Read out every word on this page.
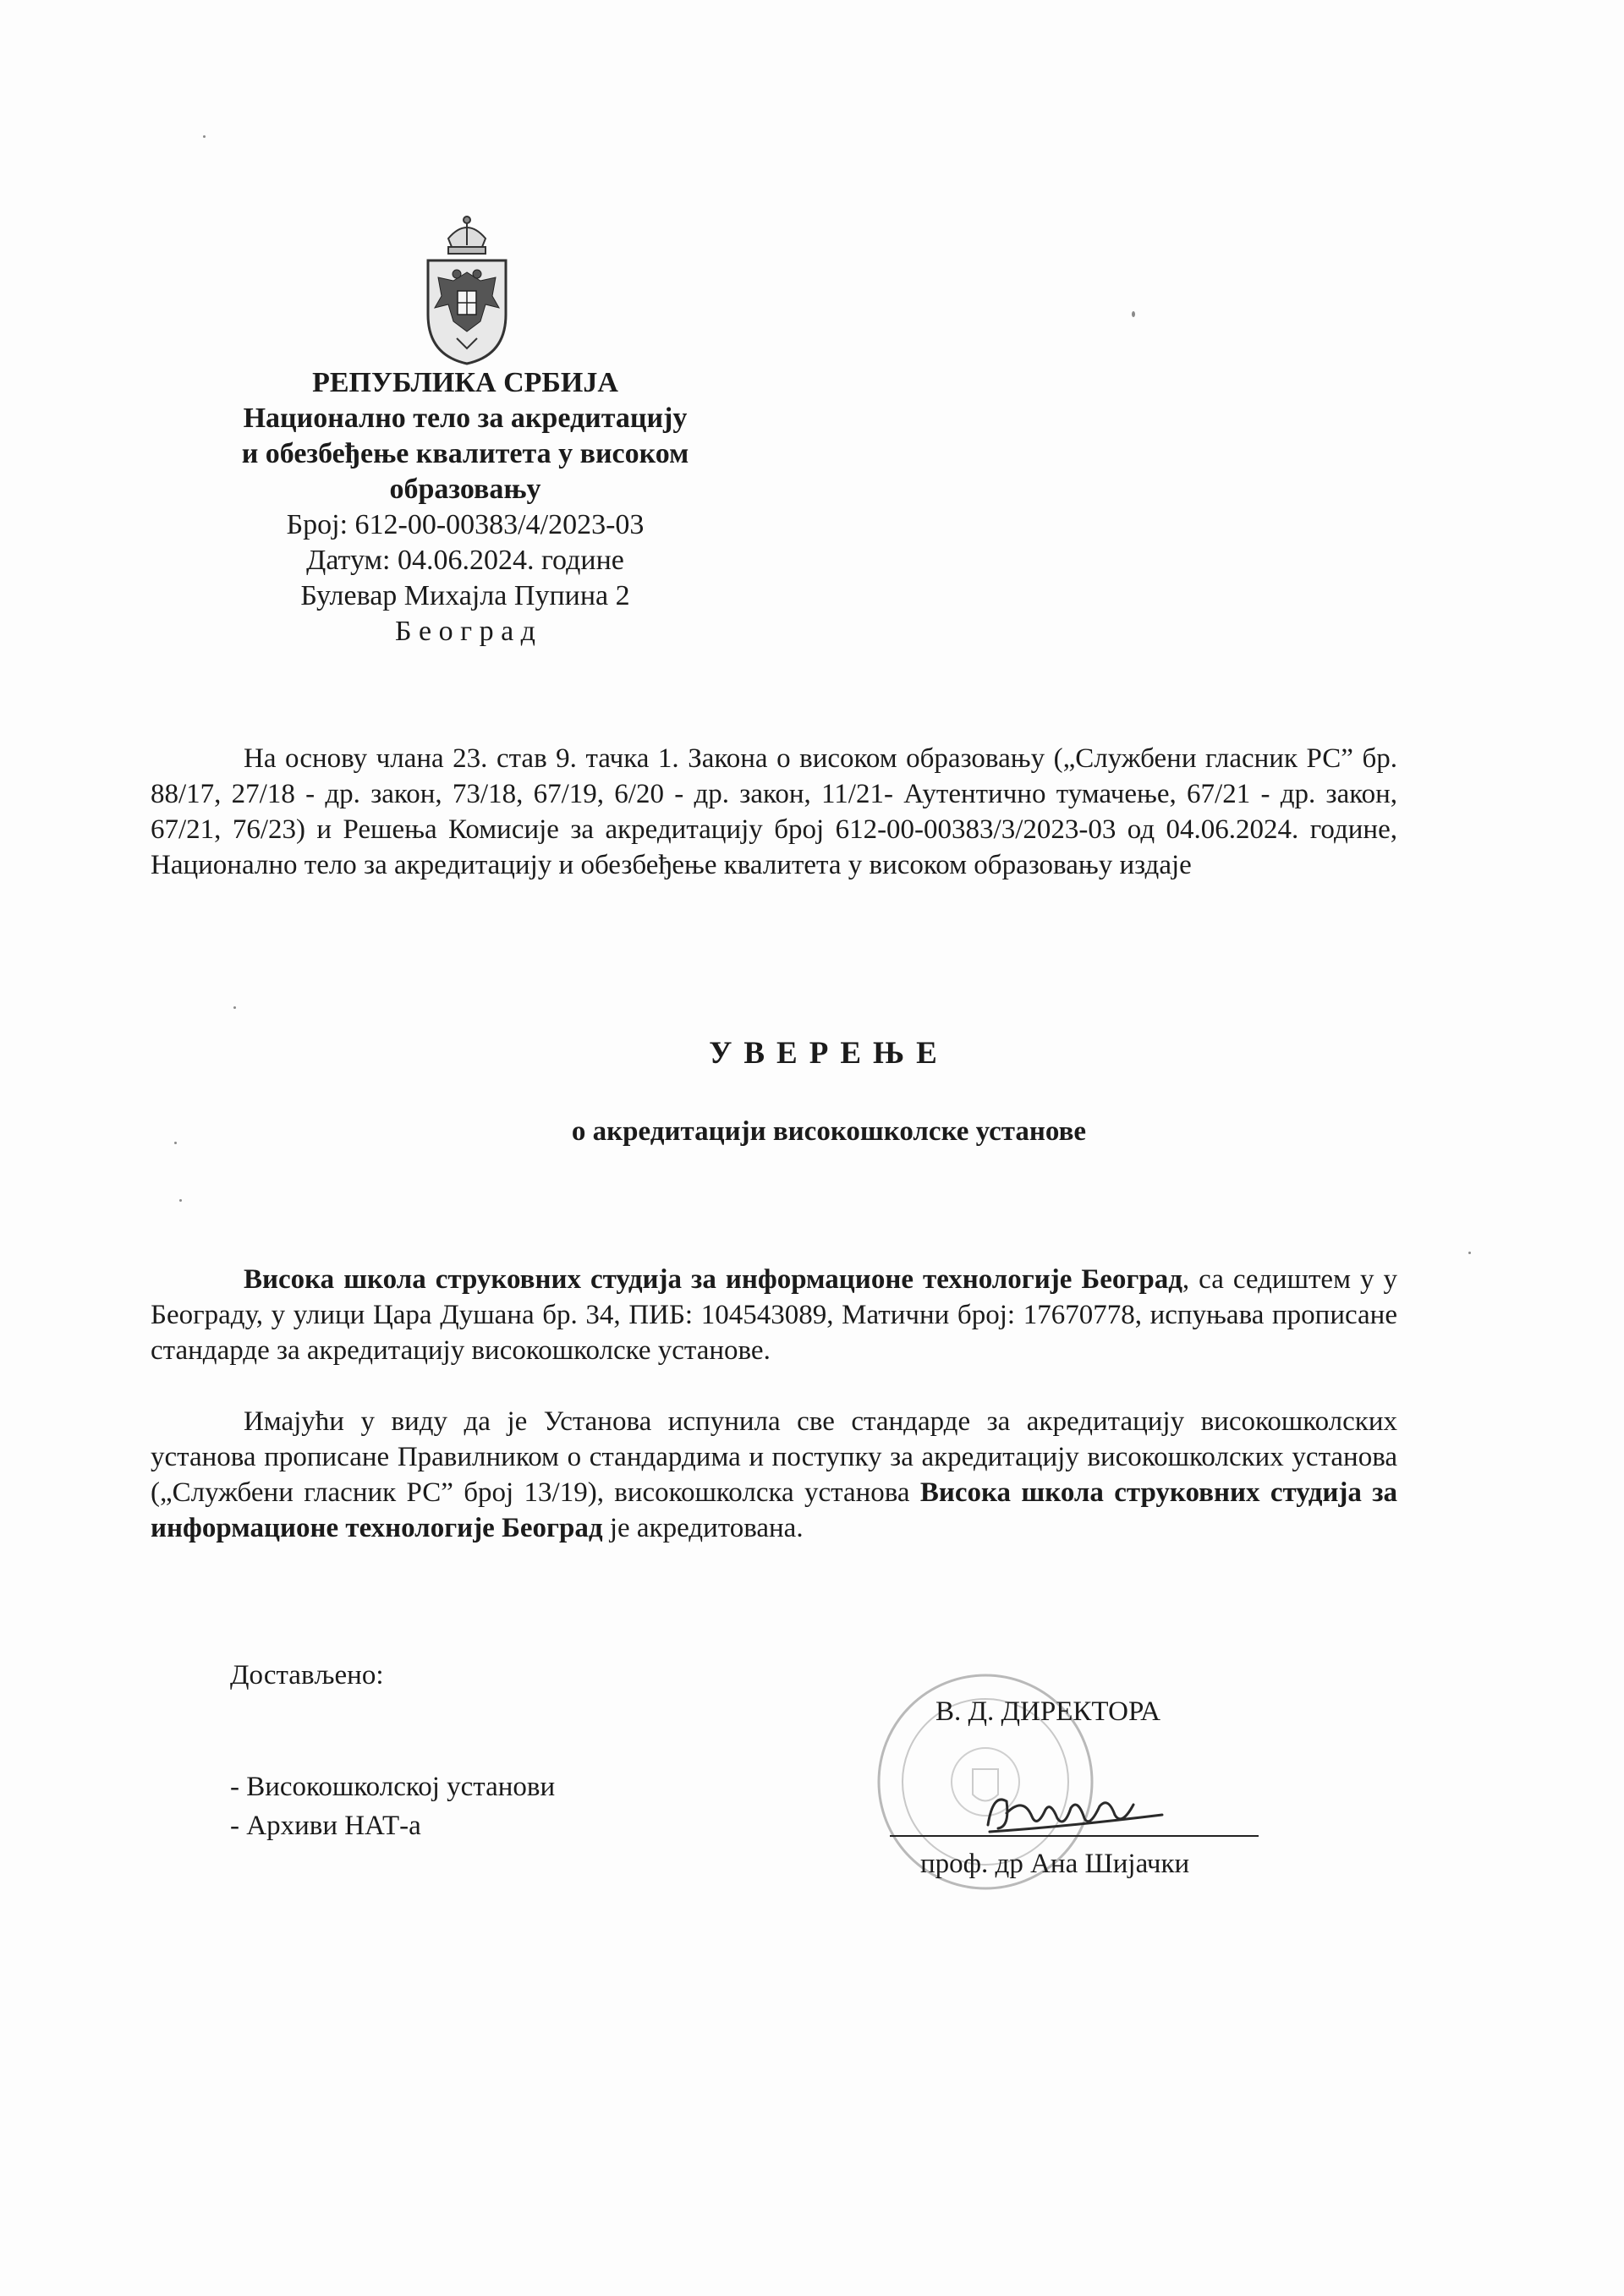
РЕПУБЛИКА СРБИЈА
Национално тело за акредитацију
и обезбеђење квалитета у високом
образовању
Број: 612-00-00383/4/2023-03
Датум: 04.06.2024. године
Булевар Михајла Пупина 2
Б е о г р а д
На основу члана 23. став 9. тачка 1. Закона о високом образовању („Службени гласник РС” бр. 88/17, 27/18 - др. закон, 73/18, 67/19, 6/20 - др. закон, 11/21- Аутентично тумачење, 67/21 - др. закон, 67/21, 76/23) и Решења Комисије за акредитацију број 612-00-00383/3/2023-03 од 04.06.2024. године, Национално тело за акредитацију и обезбеђење квалитета у високом образовању издаје
УВЕРЕЊЕ
о акредитацији високошколске установе
Висока школа струковних студија за информационе технологије Београд, са седиштем у у Београду, у улици Цара Душана бр. 34, ПИБ: 104543089, Матични број: 17670778, испуњава прописане стандарде за акредитацију високошколске установе.
Имајући у виду да је Установа испунила све стандарде за акредитацију високошколских установа прописане Правилником о стандардима и поступку за акредитацију високошколских установа („Службени гласник РС” број 13/19), високошколска установа Висока школа струковних студија за информационе технологије Београд је акредитована.
Достављено:
- Високошколској установи
- Архиви НАТ-а
В. Д. ДИРЕКТОРА
проф. др Ана Шијачки
